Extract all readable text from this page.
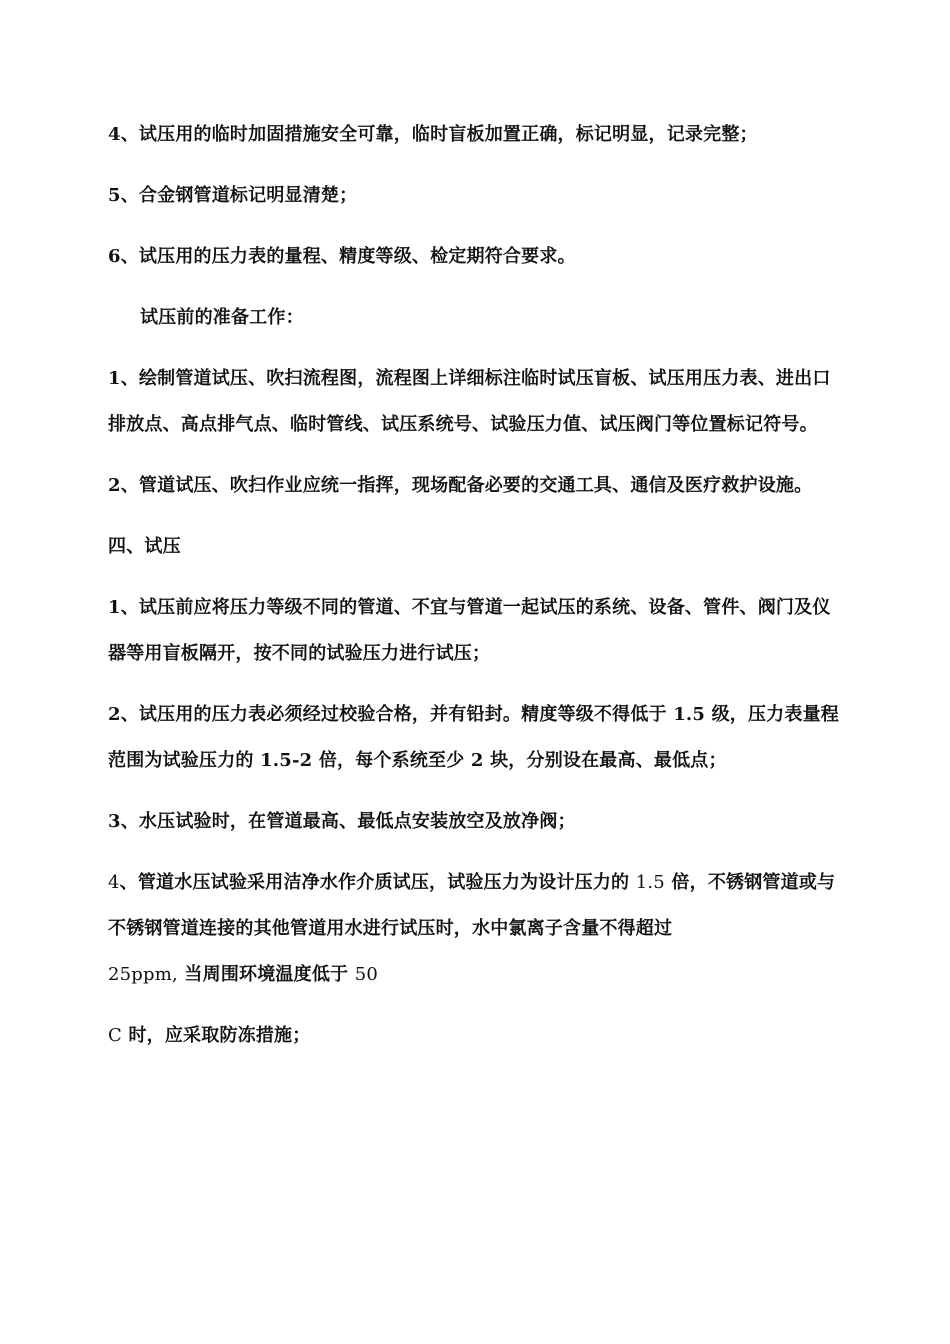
4、试压用的临时加固措施安全可靠，临时盲板加置正确，标记明显，记录完整；

5、合金钢管道标记明显清楚；

6、试压用的压力表的量程、精度等级、检定期符合要求。

试压前的准备工作：

1、绘制管道试压、吹扫流程图，流程图上详细标注临时试压盲板、试压用压力表、进出口排放点、高点排气点、临时管线、试压系统号、试验压力值、试压阀门等位置标记符号。

2、管道试压、吹扫作业应统一指挥，现场配备必要的交通工具、通信及医疗救护设施。

四、试压

1、试压前应将压力等级不同的管道、不宜与管道一起试压的系统、设备、管件、阀门及仪器等用盲板隔开，按不同的试验压力进行试压；

2、试压用的压力表必须经过校验合格，并有铅封。精度等级不得低于 1.5 级，压力表量程范围为试验压力的 1.5-2 倍，每个系统至少 2 块，分别设在最高、最低点；

3、水压试验时，在管道最高、最低点安装放空及放净阀；

4、管道水压试验采用洁净水作介质试压，试验压力为设计压力的 1.5 倍，不锈钢管道或与不锈钢管道连接的其他管道用水进行试压时，水中氯离子含量不得超过
25ppm, 当周围环境温度低于 50

C 时，应采取防冻措施；
